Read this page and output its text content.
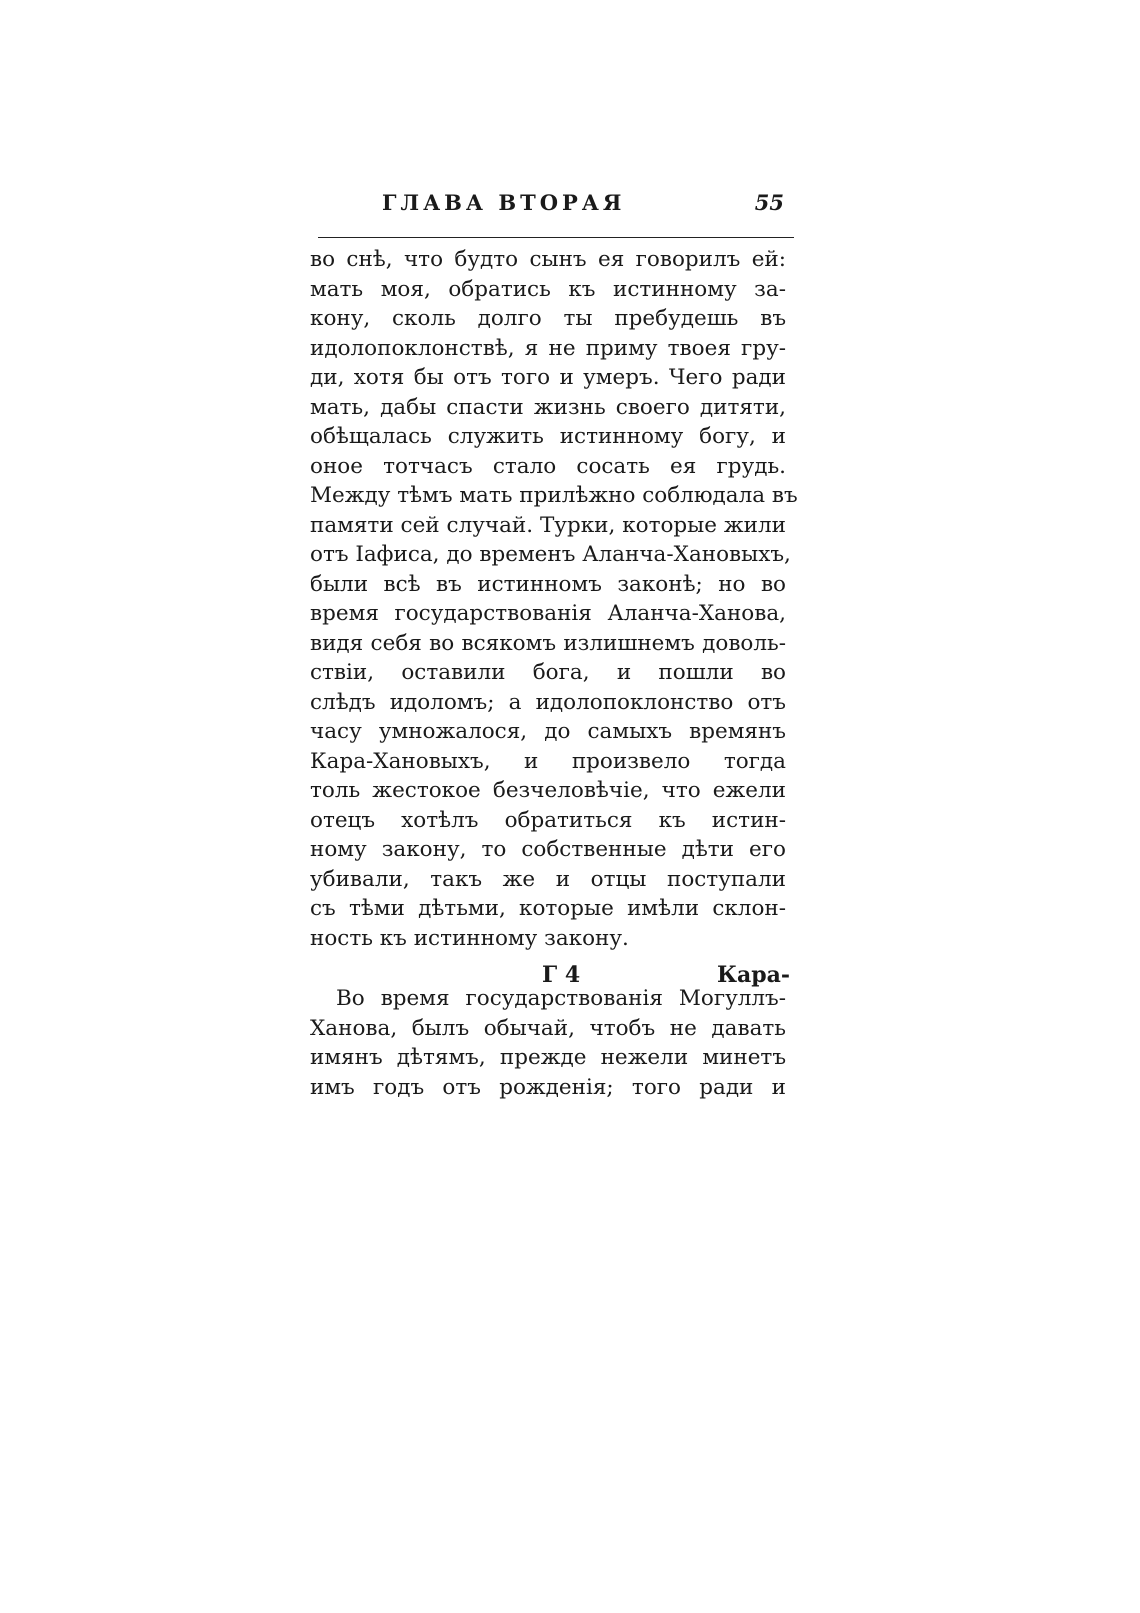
ГЛАВА ВТОРАЯ	55
во снѣ, что будто сынъ ея говорилъ ей:
мать моя, обратись къ истинному за-
кону, сколь долго ты пребудешь въ
идолопоклонствѣ, я не приму твоея гру-
ди, хотя бы отъ того и умеръ. Чего ради
мать, дабы спасти жизнь своего дитяти,
обѣщалась служить истинному богу, и
оное тотчасъ стало сосать ея грудь.
Между тѣмъ мать прилѣжно соблюдала въ
памяти сей случай. Турки, которые жили
отъ Іафиса, до временъ Аланча-Хановыхъ,
были всѣ въ истинномъ законѣ; но во
время государствованія Аланча-Ханова,
видя себя во всякомъ излишнемъ доволь-
ствіи, оставили бога, и пошли во
слѣдъ идоломъ; а идолопоклонство отъ
часу умножалося, до самыхъ времянъ
Кара-Хановыхъ, и произвело тогда
толь жестокое безчеловѣчіе, что ежели
отецъ хотѣлъ обратиться къ истин-
ному закону, то собственные дѣти его
убивали, такъ же и отцы поступали
съ тѣми дѣтьми, которые имѣли склон-
ность къ истинному закону.
Во время государствованія Могуллъ-
Ханова, былъ обычай, чтобъ не давать
имянъ дѣтямъ, прежде нежели минетъ
имъ годъ отъ рожденія; того ради и
Г 4	Кара-
